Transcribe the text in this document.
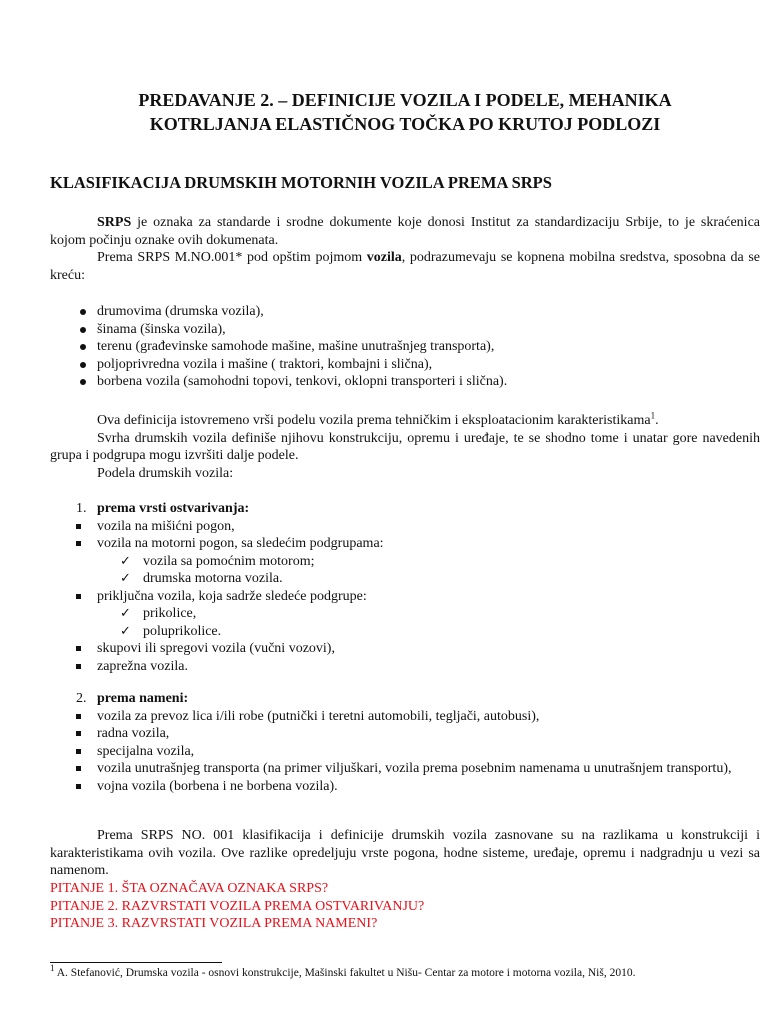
PREDAVANJE 2. – DEFINICIJE VOZILA I PODELE, MEHANIKA
KOTRLJANJA ELASTIČNOG TOČKA PO KRUTOJ PODLOZI
KLASIFIKACIJA DRUMSKIH MOTORNIH VOZILA PREMA SRPS

SRPS je oznaka za standarde i srodne dokumente koje donosi Institut za standardizaciju Srbije, to je skraćenica kojom počinju oznake ovih dokumenata.

Prema SRPS M.NO.001* pod opštim pojmom vozila, podrazumevaju se kopnena mobilna sredstva, sposobna da se kreću:

drumovima (drumska vozila),
šinama (šinska vozila),
terenu (građevinske samohode mašine, mašine unutrašnjeg transporta),
poljoprivredna vozila i mašine ( traktori, kombajni i slična),
borbena vozila (samohodni topovi, tenkovi, oklopni transporteri i slična).

Ova definicija istovremeno vrši podelu vozila prema tehničkim i eksploatacionim karakteristikama$^1$.

Svrha drumskih vozila definiše njihovu konstrukciju, opremu i uređaje, te se shodno tome i unatar gore navedenih grupa i podgrupa mogu izvršiti dalje podele.

Podela drumskih vozila:

1. prema vrsti ostvarivanja:
vozila na mišićni pogon,
vozila na motorni pogon, sa sledećim podgrupama:
✓ vozila sa pomoćnim motorom;
✓ drumska motorna vozila.
priključna vozila, koja sadrže sledeće podgrupe:
✓ prikolice,
✓ poluprikolice.
skupovi ili spregovi vozila (vučni vozovi),
zaprežna vozila.
2. prema nameni:
vozila za prevoz lica i/ili robe (putnički i teretni automobili, tegljači, autobusi),
radna vozila,
specijalna vozila,
vozila unutrašnjeg transporta (na primer viljuškari, vozila prema posebnim namenama u unutrašnjem transportu),
vojna vozila (borbena i ne borbena vozila).

Prema SRPS NO. 001 klasifikacija i definicije drumskih vozila zasnovane su na razlikama u konstrukciji i karakteristikama ovih vozila. Ove razlike opredeljuju vrste pogona, hodne sisteme, uređaje, opremu i nadgradnju u vezi sa namenom.

PITANJE 1. ŠTA OZNAČAVA OZNAKA SRPS?
PITANJE 2. RAZVRSTATI VOZILA PREMA OSTVARIVANJU?
PITANJE 3. RAZVRSTATI VOZILA PREMA NAMENI?
$^1$ A. Stefanović, Drumska vozila - osnovi konstrukcije, Mašinski fakultet u Nišu- Centar za motore i motorna vozila, Niš, 2010.
